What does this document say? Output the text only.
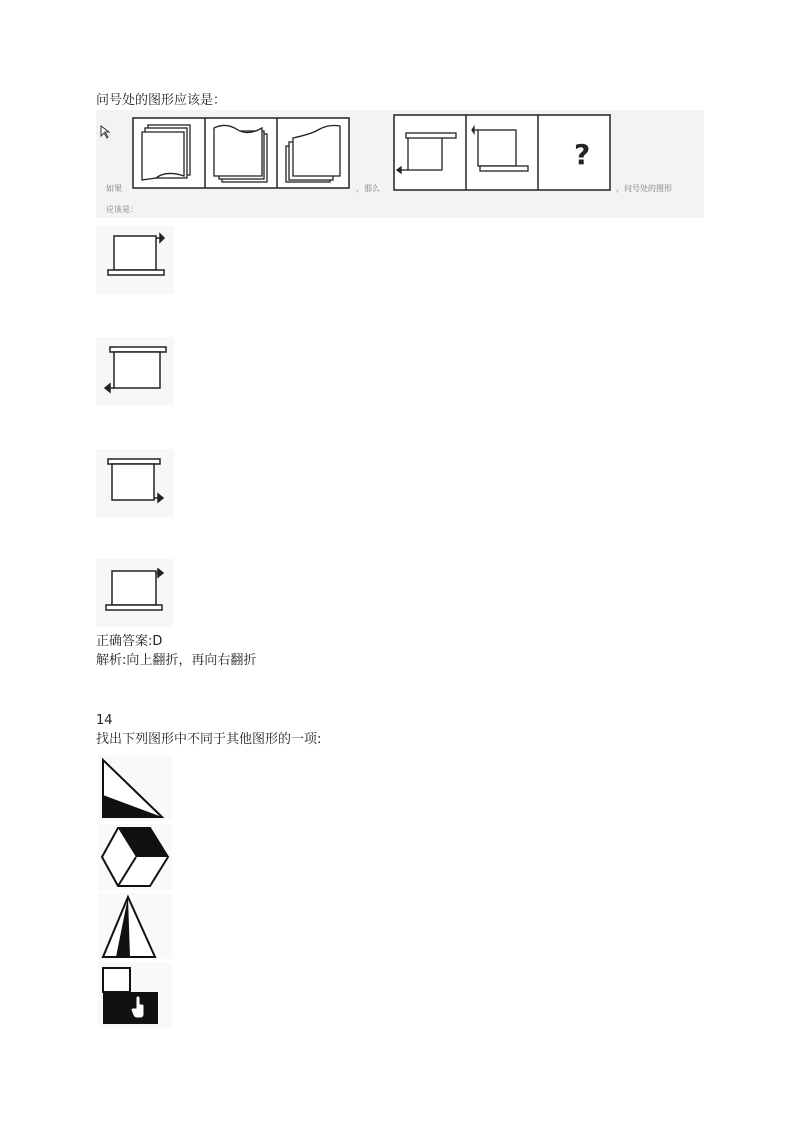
问号处的图形应该是：
如果	，那么	，问号处的图形
应该是：
?
正确答案:D
解析:向上翻折，再向右翻折
14
找出下列图形中不同于其他图形的一项:
